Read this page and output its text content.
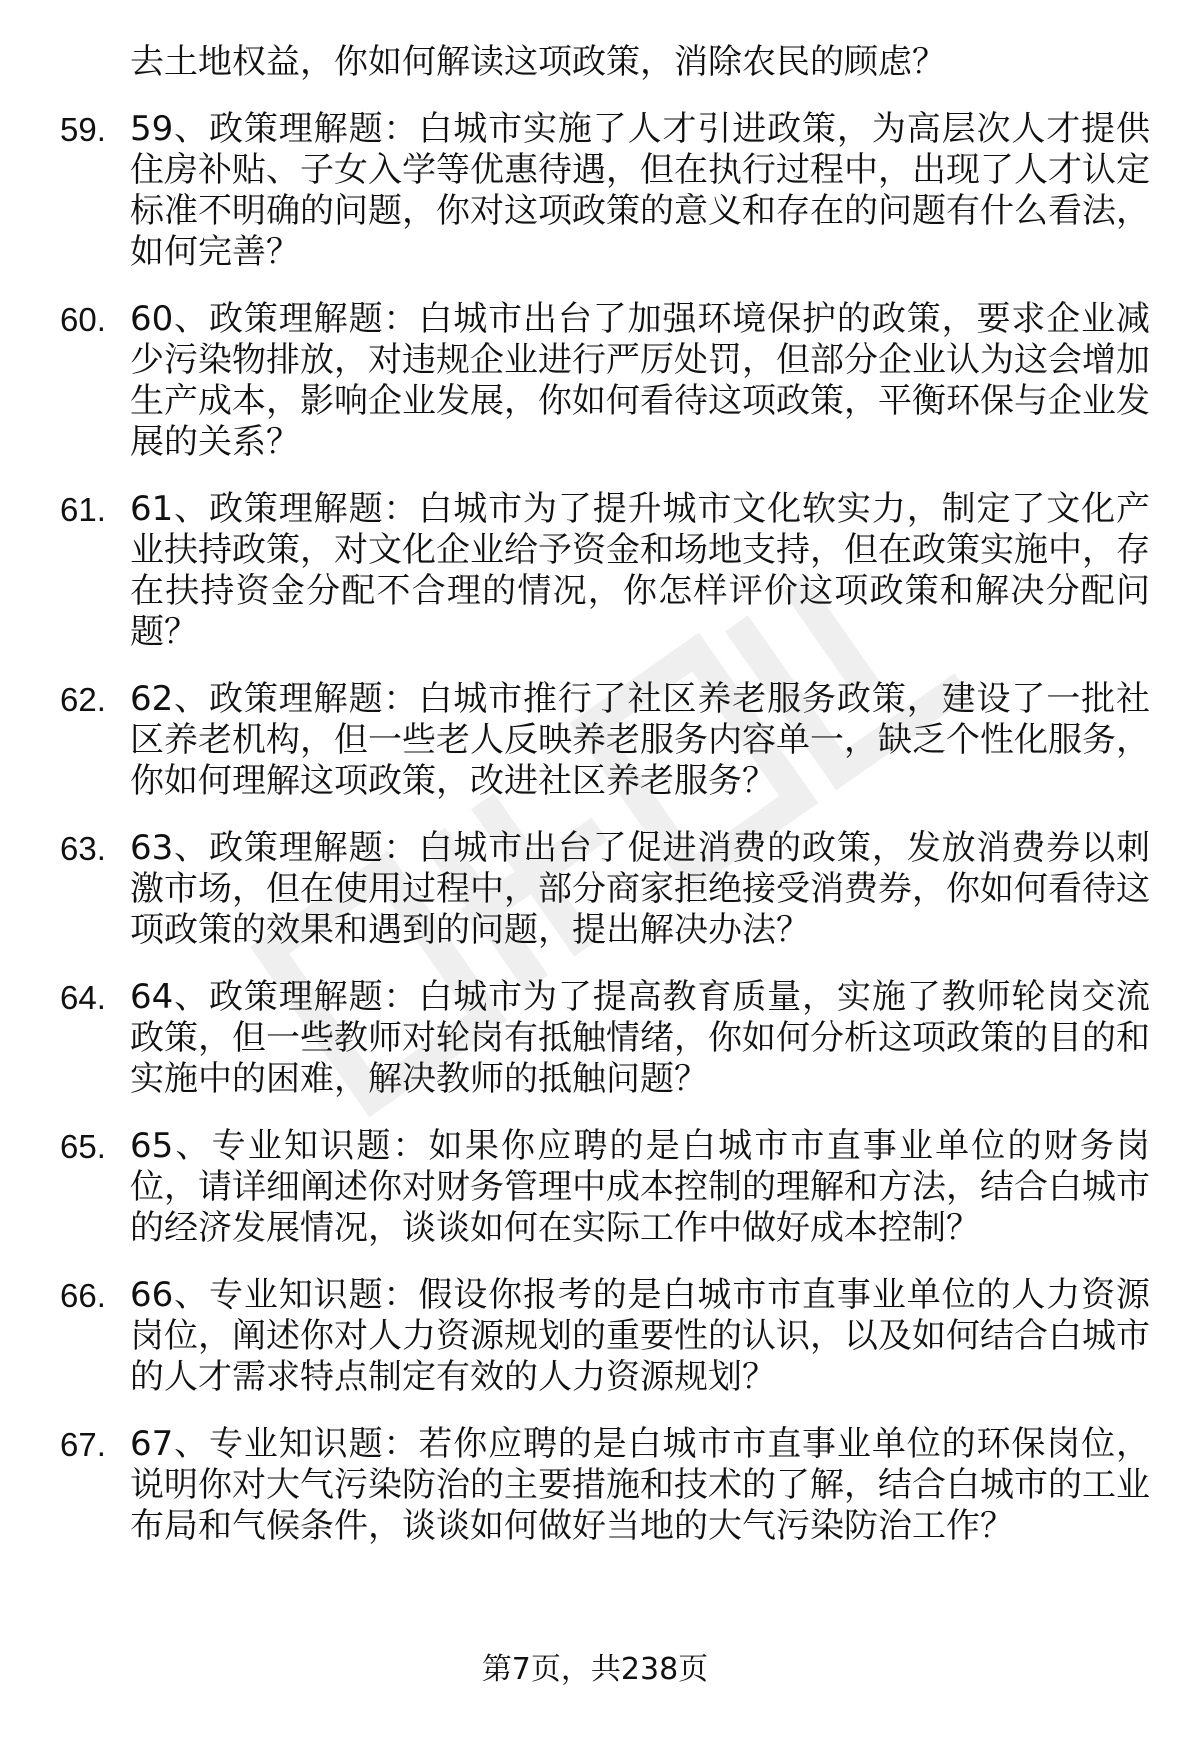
去土地权益，你如何解读这项政策，消除农民的顾虑？

59. 59、政策理解题：白城市实施了人才引进政策，为高层次人才提供住房补贴、子女入学等优惠待遇，但在执行过程中，出现了人才认定标准不明确的问题，你对这项政策的意义和存在的问题有什么看法，如何完善？
60. 60、政策理解题：白城市出台了加强环境保护的政策，要求企业减少污染物排放，对违规企业进行严厉处罚，但部分企业认为这会增加生产成本，影响企业发展，你如何看待这项政策，平衡环保与企业发展的关系？
61. 61、政策理解题：白城市为了提升城市文化软实力，制定了文化产业扶持政策，对文化企业给予资金和场地支持，但在政策实施中，存在扶持资金分配不合理的情况，你怎样评价这项政策和解决分配问题？
62. 62、政策理解题：白城市推行了社区养老服务政策，建设了一批社区养老机构，但一些老人反映养老服务内容单一，缺乏个性化服务，你如何理解这项政策，改进社区养老服务？
63. 63、政策理解题：白城市出台了促进消费的政策，发放消费券以刺激市场，但在使用过程中，部分商家拒绝接受消费券，你如何看待这项政策的效果和遇到的问题，提出解决办法？
64. 64、政策理解题：白城市为了提高教育质量，实施了教师轮岗交流政策，但一些教师对轮岗有抵触情绪，你如何分析这项政策的目的和实施中的困难，解决教师的抵触问题？
65. 65、专业知识题：如果你应聘的是白城市市直事业单位的财务岗位，请详细阐述你对财务管理中成本控制的理解和方法，结合白城市的经济发展情况，谈谈如何在实际工作中做好成本控制？
66. 66、专业知识题：假设你报考的是白城市市直事业单位的人力资源岗位，阐述你对人力资源规划的重要性的认识，以及如何结合白城市的人才需求特点制定有效的人力资源规划？
67. 67、专业知识题：若你应聘的是白城市市直事业单位的环保岗位，说明你对大气污染防治的主要措施和技术的了解，结合白城市的工业布局和气候条件，谈谈如何做好当地的大气污染防治工作？
第7页，共238页
